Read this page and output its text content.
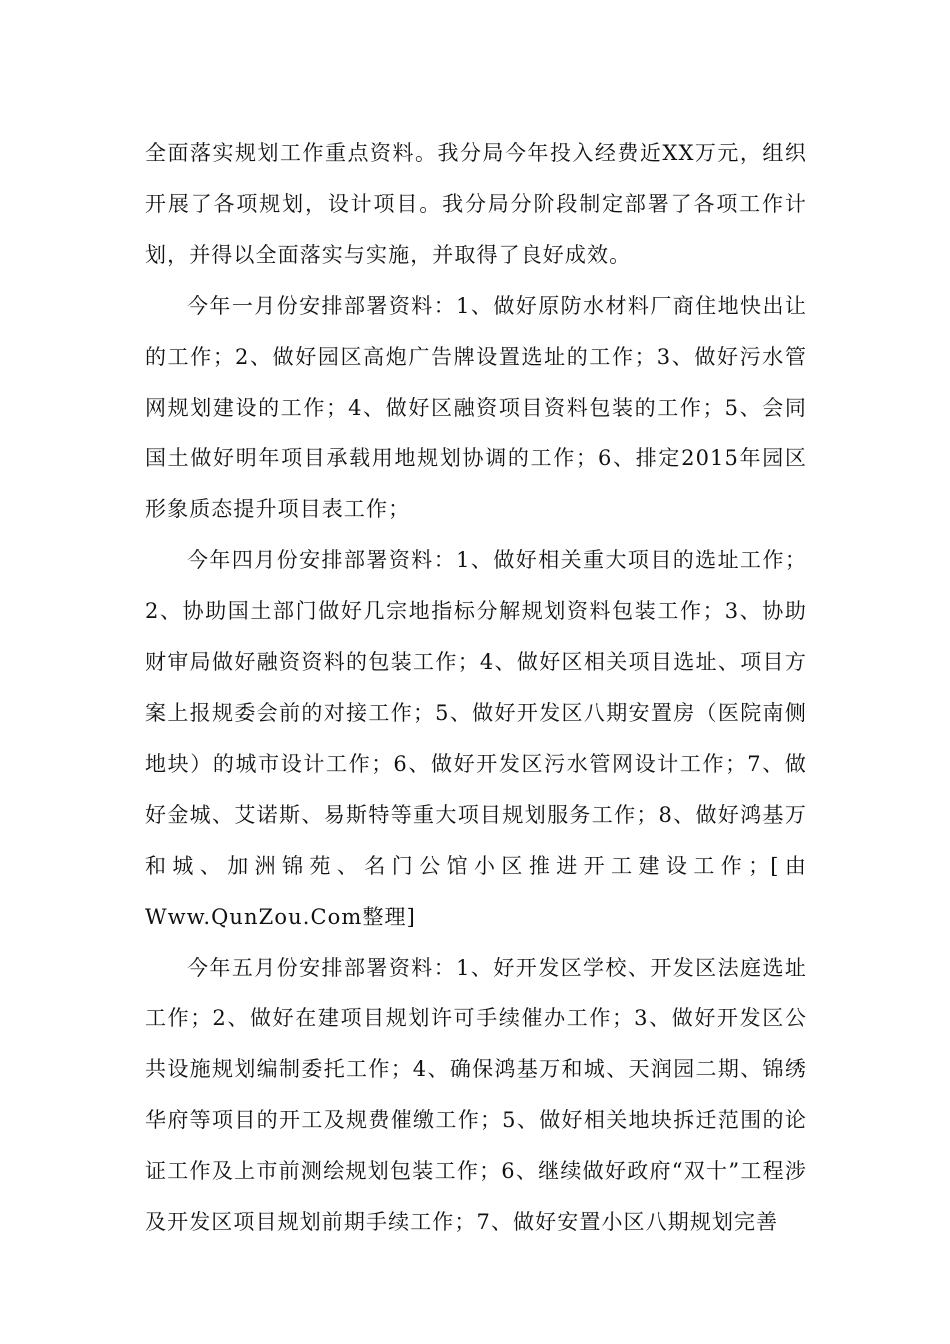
全面落实规划工作重点资料。我分局今年投入经费近XX万元，组织开展了各项规划，设计项目。我分局分阶段制定部署了各项工作计划，并得以全面落实与实施，并取得了良好成效。

今年一月份安排部署资料：1、做好原防水材料厂商住地快出让的工作；2、做好园区高炮广告牌设置选址的工作；3、做好污水管网规划建设的工作；4、做好区融资项目资料包装的工作；5、会同国土做好明年项目承载用地规划协调的工作；6、排定2015年园区形象质态提升项目表工作；

今年四月份安排部署资料：1、做好相关重大项目的选址工作；2、协助国土部门做好几宗地指标分解规划资料包装工作；3、协助财审局做好融资资料的包装工作；4、做好区相关项目选址、项目方案上报规委会前的对接工作；5、做好开发区八期安置房（医院南侧地块）的城市设计工作；6、做好开发区污水管网设计工作；7、做好金城、艾诺斯、易斯特等重大项目规划服务工作；8、做好鸿基万和城、加洲锦苑、名门公馆小区推进开工建设工作；[由Www.QunZou.Com整理]

今年五月份安排部署资料：1、好开发区学校、开发区法庭选址工作；2、做好在建项目规划许可手续催办工作；3、做好开发区公共设施规划编制委托工作；4、确保鸿基万和城、天润园二期、锦绣华府等项目的开工及规费催缴工作；5、做好相关地块拆迁范围的论证工作及上市前测绘规划包装工作；6、继续做好政府“双十”工程涉及开发区项目规划前期手续工作；7、做好安置小区八期规划完善
